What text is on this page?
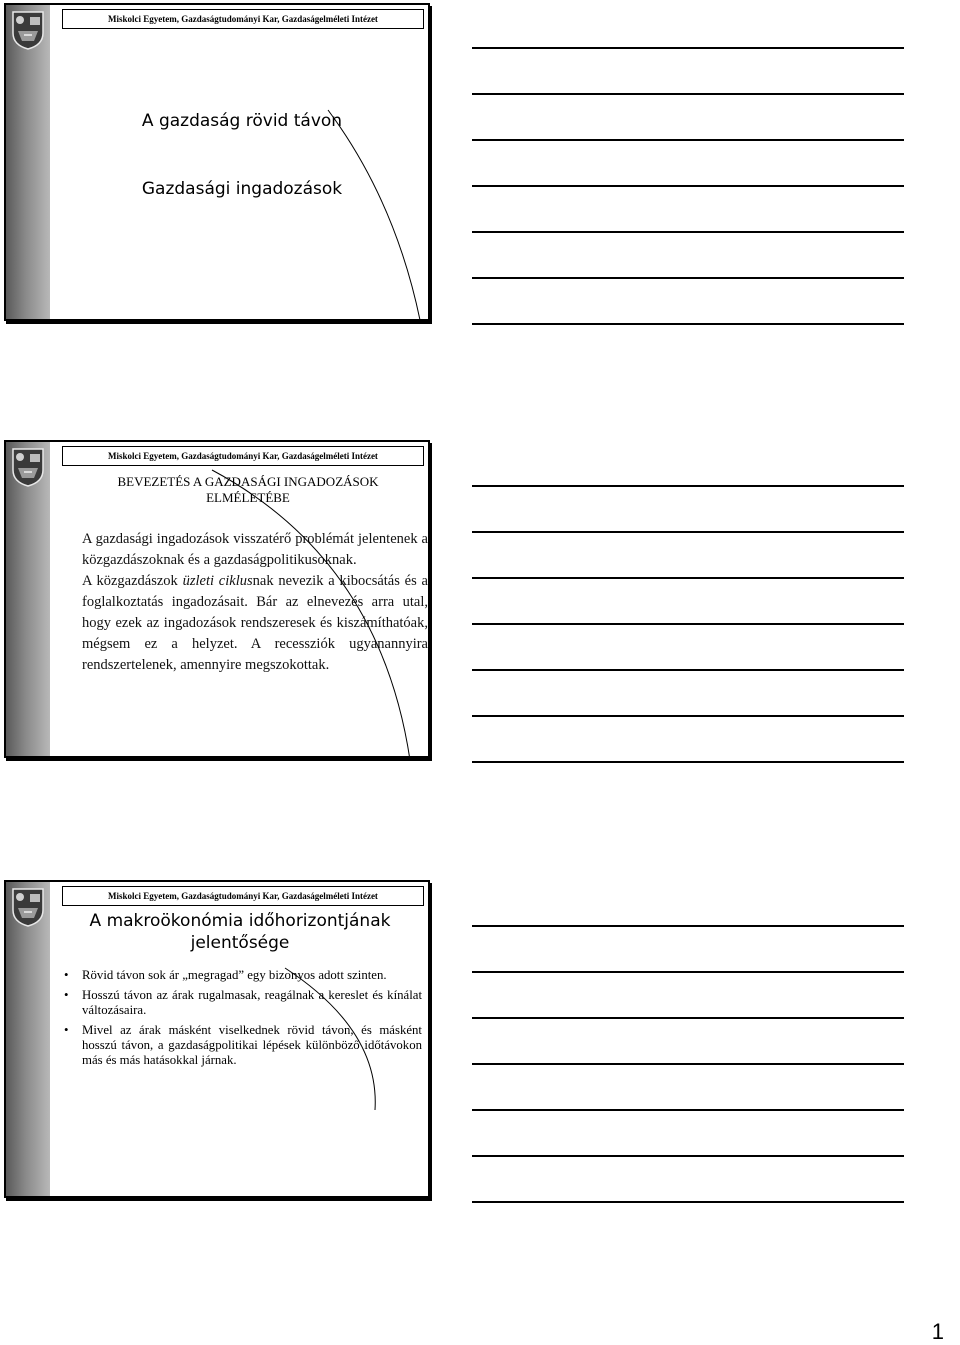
Miskolci Egyetem, Gazdaságtudományi Kar, Gazdaságelméleti Intézet
A gazdaság rövid távon
Gazdasági ingadozások
Miskolci Egyetem, Gazdaságtudományi Kar, Gazdaságelméleti Intézet
BEVEZETÉS A GAZDASÁGI INGADOZÁSOK ELMÉLETÉBE

A gazdasági ingadozások visszatérő problémát jelentenek a közgazdászoknak és a gazdaságpolitikusoknak.

A közgazdászok üzleti ciklusnak nevezik a kibocsátás és a foglalkoztatás ingadozásait. Bár az elnevezés arra utal, hogy ezek az ingadozások rendszeresek és kiszámíthatóak, mégsem ez a helyzet. A recessziók ugyanannyira rendszertelenek, amennyire megszokottak.

Miskolci Egyetem, Gazdaságtudományi Kar, Gazdaságelméleti Intézet
A makroökonómia időhorizontjának jelentősége
• Rövid távon sok ár „megragad” egy bizonyos adott szinten.
• Hosszú távon az árak rugalmasak, reagálnak a kereslet és kínálat változásaira.
• Mivel az árak másként viselkednek rövid távon, és másként hosszú távon, a gazdaságpolitikai lépések különböző időtávokon más és más hatásokkal járnak.
1
